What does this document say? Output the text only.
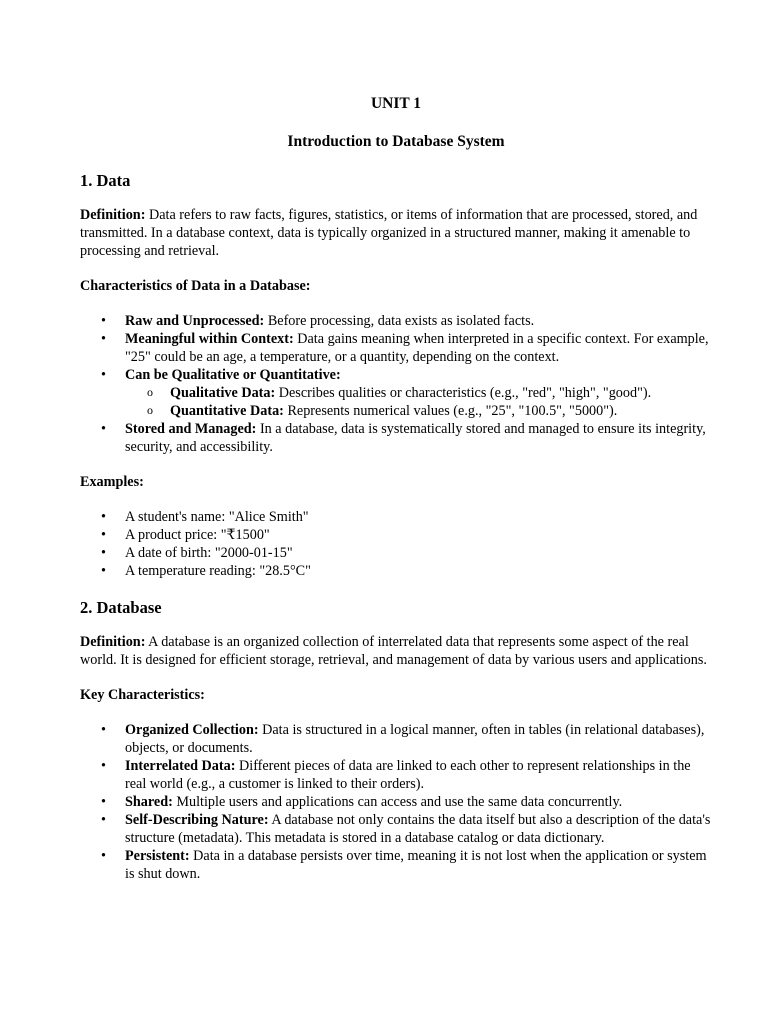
UNIT 1
Introduction to Database System
1. Data

Definition: Data refers to raw facts, figures, statistics, or items of information that are processed, stored, and transmitted. In a database context, data is typically organized in a structured manner, making it amenable to processing and retrieval.

Characteristics of Data in a Database:
• Raw and Unprocessed: Before processing, data exists as isolated facts.
• Meaningful within Context: Data gains meaning when interpreted in a specific context. For example, "25" could be an age, a temperature, or a quantity, depending on the context.
• Can be Qualitative or Quantitative:
o Qualitative Data: Describes qualities or characteristics (e.g., "red", "high", "good").
o Quantitative Data: Represents numerical values (e.g., "25", "100.5", "5000").
• Stored and Managed: In a database, data is systematically stored and managed to ensure its integrity, security, and accessibility.
Examples:
• A student's name: "Alice Smith"
• A product price: "₹1500"
• A date of birth: "2000-01-15"
• A temperature reading: "28.5°C"
2. Database

Definition: A database is an organized collection of interrelated data that represents some aspect of the real world. It is designed for efficient storage, retrieval, and management of data by various users and applications.

Key Characteristics:
• Organized Collection: Data is structured in a logical manner, often in tables (in relational databases), objects, or documents.
• Interrelated Data: Different pieces of data are linked to each other to represent relationships in the real world (e.g., a customer is linked to their orders).
• Shared: Multiple users and applications can access and use the same data concurrently.
• Self-Describing Nature: A database not only contains the data itself but also a description of the data's structure (metadata). This metadata is stored in a database catalog or data dictionary.
• Persistent: Data in a database persists over time, meaning it is not lost when the application or system is shut down.
